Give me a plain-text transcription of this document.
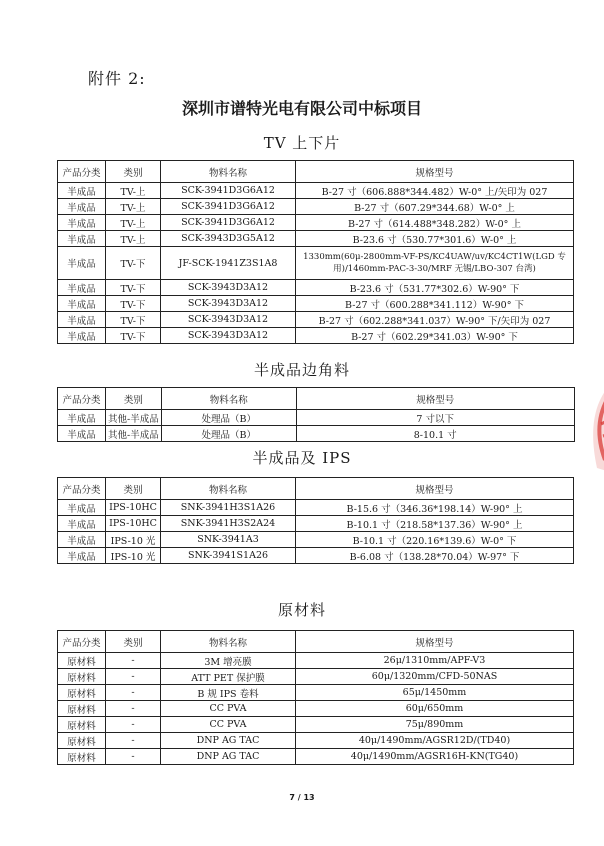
附件 2:
深圳市谱特光电有限公司中标项目
TV 上下片
产品分类	类别	物料名称	规格型号
半成品	TV-上	SCK-3941D3G6A12	B-27 寸（606.888*344.482）W-0° 上/矢印为 027
半成品	TV-上	SCK-3941D3G6A12	B-27 寸（607.29*344.68）W-0° 上
半成品	TV-上	SCK-3941D3G6A12	B-27 寸（614.488*348.282）W-0° 上
半成品	TV-上	SCK-3943D3G5A12	B-23.6 寸（530.77*301.6）W-0° 上
半成品	TV-下	JF-SCK-1941Z3S1A8	1330mm(60μ-2800mm-VF-PS/KC4UAW/uv/KC4CT1W(LGD 专用)/1460mm-PAC-3-30/MRF 无锡/LBO-307 台湾)
半成品	TV-下	SCK-3943D3A12	B-23.6 寸（531.77*302.6）W-90° 下
半成品	TV-下	SCK-3943D3A12	B-27 寸（600.288*341.112）W-90° 下
半成品	TV-下	SCK-3943D3A12	B-27 寸（602.288*341.037）W-90° 下/矢印为 027
半成品	TV-下	SCK-3943D3A12	B-27 寸（602.29*341.03）W-90° 下
半成品边角料
产品分类	类别	物料名称	规格型号
半成品	其他-半成品	处理品（B）	7 寸以下
半成品	其他-半成品	处理品（B）	8-10.1 寸
半成品及 IPS
产品分类	类别	物料名称	规格型号
半成品	IPS-10HC	SNK-3941H3S1A26	B-15.6 寸（346.36*198.14）W-90° 上
半成品	IPS-10HC	SNK-3941H3S2A24	B-10.1 寸（218.58*137.36）W-90° 上
半成品	IPS-10 光	SNK-3941A3	B-10.1 寸（220.16*139.6）W-0° 下
半成品	IPS-10 光	SNK-3941S1A26	B-6.08 寸（138.28*70.04）W-97° 下
原材料
产品分类	类别	物料名称	规格型号
原材料	-	3M 增亮膜	26μ/1310mm/APF-V3
原材料	-	ATT PET 保护膜	60μ/1320mm/CFD-50NAS
原材料	-	B 规 IPS 卷料	65μ/1450mm
原材料	-	CC PVA	60μ/650mm
原材料	-	CC PVA	75μ/890mm
原材料	-	DNP AG TAC	40μ/1490mm/AGSR12D/(TD40)
原材料	-	DNP AG TAC	40μ/1490mm/AGSR16H-KN(TG40)
7 / 13
